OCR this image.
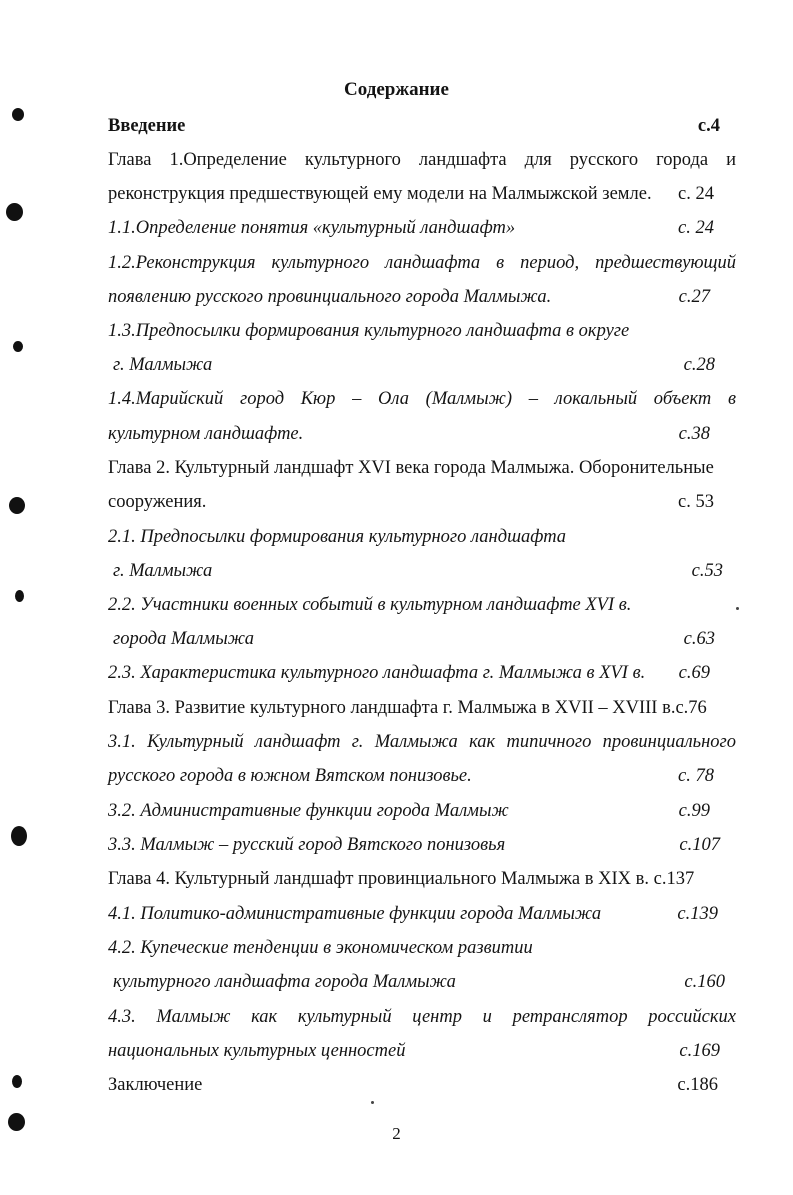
Содержание
Введение	с.4
Глава 1.Определение культурного ландшафта для русского города и
реконструкция предшествующей ему модели на Малмыжской земле. с. 24
1.1.Определение понятия «культурный ландшафт»	с. 24
1.2.Реконструкция культурного ландшафта в период, предшествующий
появлению русского провинциального города Малмыжа.	с.27
1.3.Предпосылки формирования культурного ландшафта в округе
г. Малмыжа	с.28
1.4.Марийский город Кюр – Ола (Малмыж) – локальный объект в
культурном ландшафте.	с.38
Глава 2. Культурный ландшафт XVI века города Малмыжа. Оборонительные
сооружения.	с. 53
2.1. Предпосылки формирования культурного ландшафта
г. Малмыжа	с.53
2.2. Участники военных событий в культурном ландшафте XVI в.
города Малмыжа	с.63
2.3. Характеристика культурного ландшафта г. Малмыжа в XVI в. с.69
Глава 3. Развитие культурного ландшафта г. Малмыжа в XVII – XVIII в.с.76
3.1. Культурный ландшафт г. Малмыжа как типичного провинциального
русского города в южном Вятском понизовье.	с. 78
3.2. Административные функции города Малмыж	с.99
3.3. Малмыж – русский город Вятского понизовья	с.107
Глава 4. Культурный ландшафт провинциального Малмыжа в XIX в. с.137
4.1. Политико-административные функции города Малмыжа	с.139
4.2. Купеческие тенденции в экономическом развитии
культурного ландшафта города Малмыжа	с.160
4.3. Малмыж как культурный центр и ретранслятор российских
национальных культурных ценностей	с.169
Заключение	с.186
2
